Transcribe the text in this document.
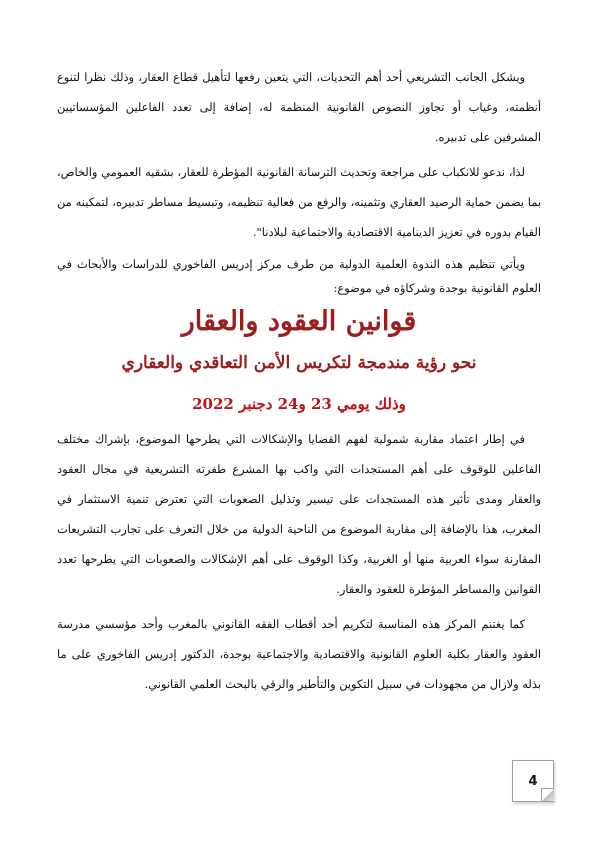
ويشكل الجانب التشريعي أحد أهم التحديات، التي يتعين رفعها لتأهيل قطاع العقار، وذلك نظرا لتنوع أنظمته، وغياب أو تجاوز النصوص القانونية المنظمة له، إضافة إلى تعدد الفاعلين المؤسساتيين المشرفين على تدبيره.

لذا، ندعو للانكباب على مراجعة وتحديث الترسانة القانونية المؤطرة للعقار، بشقيه العمومي والخاص، بما يضمن حماية الرصيد العقاري وتثمينه، والرفع من فعالية تنظيمه، وتبسيط مساطر تدبيره، لتمكينه من القيام بدوره في تعزيز الدينامية الاقتصادية والاجتماعية لبلادنا".

ويأتي تنظيم هذه الندوة العلمية الدولية من طرف مركز إدريس الفاخوري للدراسات والأبحاث في العلوم القانونية بوجدة وشركاؤه في موضوع:

قوانين العقود والعقار
نحو رؤية مندمجة لتكريس الأمن التعاقدي والعقاري
وذلك يومي 23 و24 دجنبر 2022

في إطار اعتماد مقاربة شمولية لفهم القضايا والإشكالات التي يطرحها الموضوع، بإشراك مختلف الفاعلين للوقوف على أهم المستجدات التي واكب بها المشرع طفرته التشريعية في مجال العقود والعقار ومدى تأثير هذه المستجدات على تيسير وتذليل الصعوبات التي تعترض تنمية الاستثمار في المغرب، هذا بالإضافة إلى مقاربة الموضوع من الناحية الدولية من خلال التعرف على تجارب التشريعات المقارنة سواء العربية منها أو الغربية، وكذا الوقوف على أهم الإشكالات والصعوبات التي يطرحها تعدد القوانين والمساطر المؤطرة للعقود والعقار.

كما يغتنم المركز هذه المناسبة لتكريم أحد أقطاب الفقه القانوني بالمغرب وأحد مؤسسي مدرسة العقود والعقار بكلية العلوم القانونية والاقتصادية والاجتماعية بوجدة، الدكتور إدريس الفاخوري على ما بذله ولازال من مجهودات في سبيل التكوين والتأطير والرقي بالبحث العلمي القانوني.

4
